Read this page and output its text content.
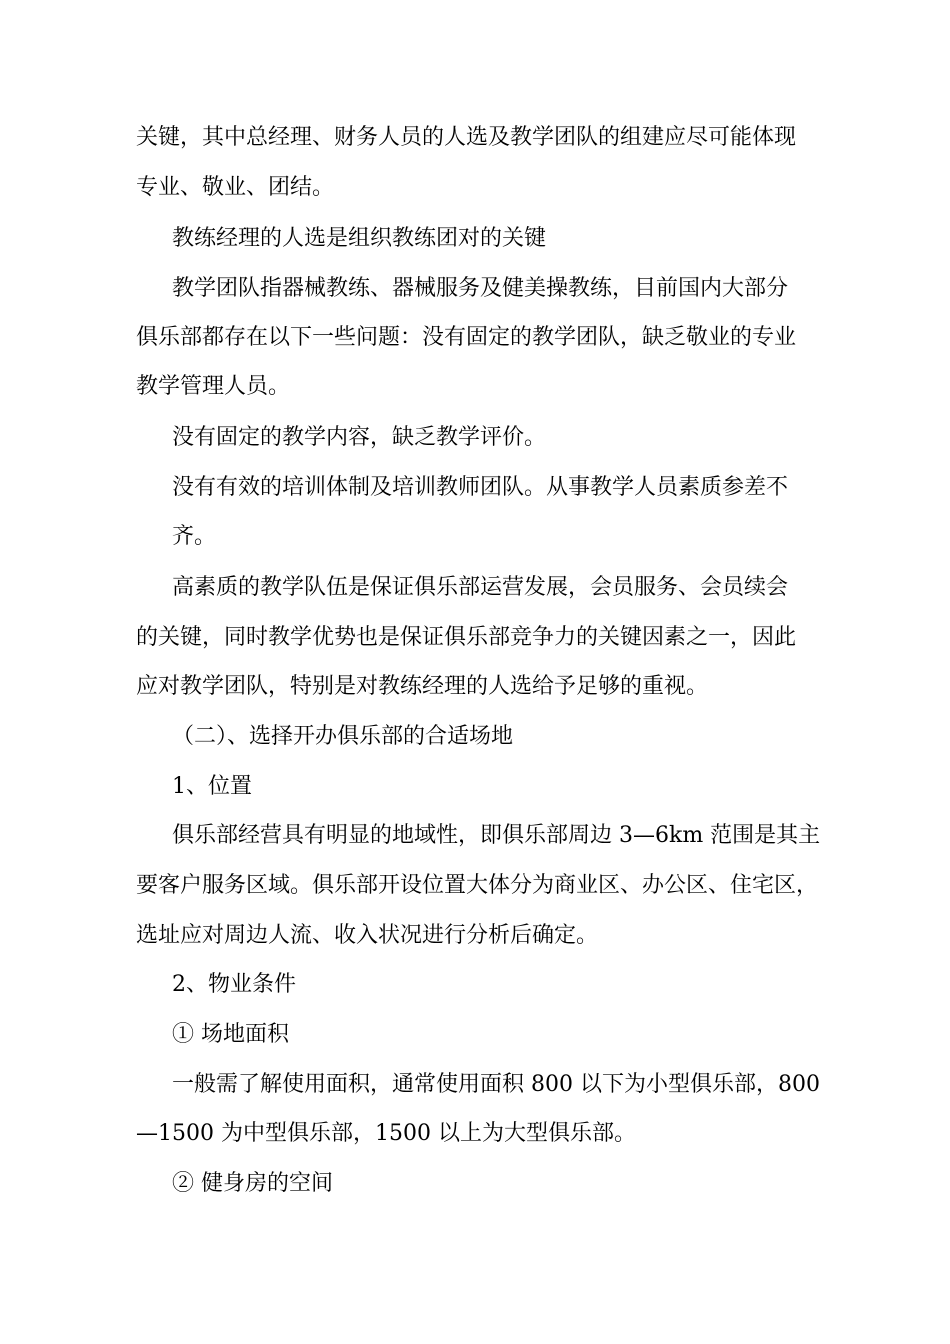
关键，其中总经理、财务人员的人选及教学团队的组建应尽可能体现
专业、敬业、团结。
教练经理的人选是组织教练团对的关键
教学团队指器械教练、器械服务及健美操教练，目前国内大部分
俱乐部都存在以下一些问题：没有固定的教学团队，缺乏敬业的专业
教学管理人员。
没有固定的教学内容，缺乏教学评价。
没有有效的培训体制及培训教师团队。从事教学人员素质参差不
齐。
高素质的教学队伍是保证俱乐部运营发展，会员服务、会员续会
的关键，同时教学优势也是保证俱乐部竞争力的关键因素之一，因此
应对教学团队，特别是对教练经理的人选给予足够的重视。
（二）、选择开办俱乐部的合适场地
1、位置
俱乐部经营具有明显的地域性，即俱乐部周边 3—6km 范围是其主
要客户服务区域。俱乐部开设位置大体分为商业区、办公区、住宅区，
选址应对周边人流、收入状况进行分析后确定。
2、物业条件
① 场地面积
一般需了解使用面积，通常使用面积 800 以下为小型俱乐部，800
—1500 为中型俱乐部，1500 以上为大型俱乐部。
② 健身房的空间
